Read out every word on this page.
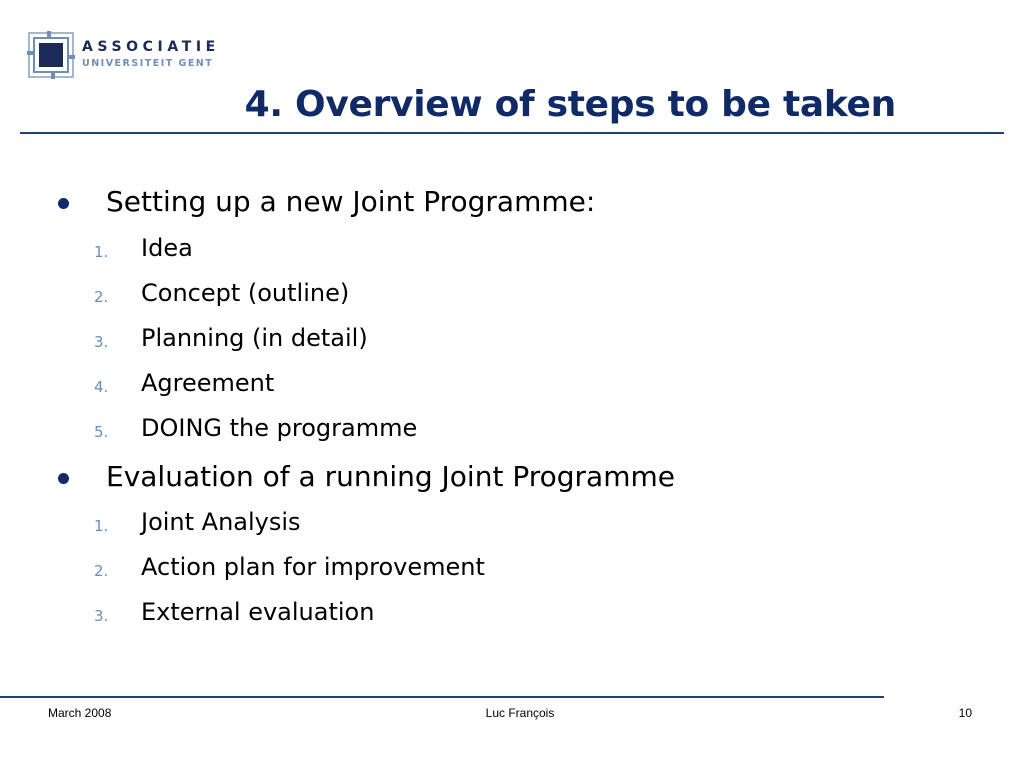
ASSOCIATIE
UNIVERSITEIT GENT
4. Overview of steps to be taken
Setting up a new Joint Programme:
1. Idea
2. Concept (outline)
3. Planning (in detail)
4. Agreement
5. DOING the programme
Evaluation of a running Joint Programme
1. Joint Analysis
2. Action plan for improvement
3. External evaluation
March 2008	Luc François	10
